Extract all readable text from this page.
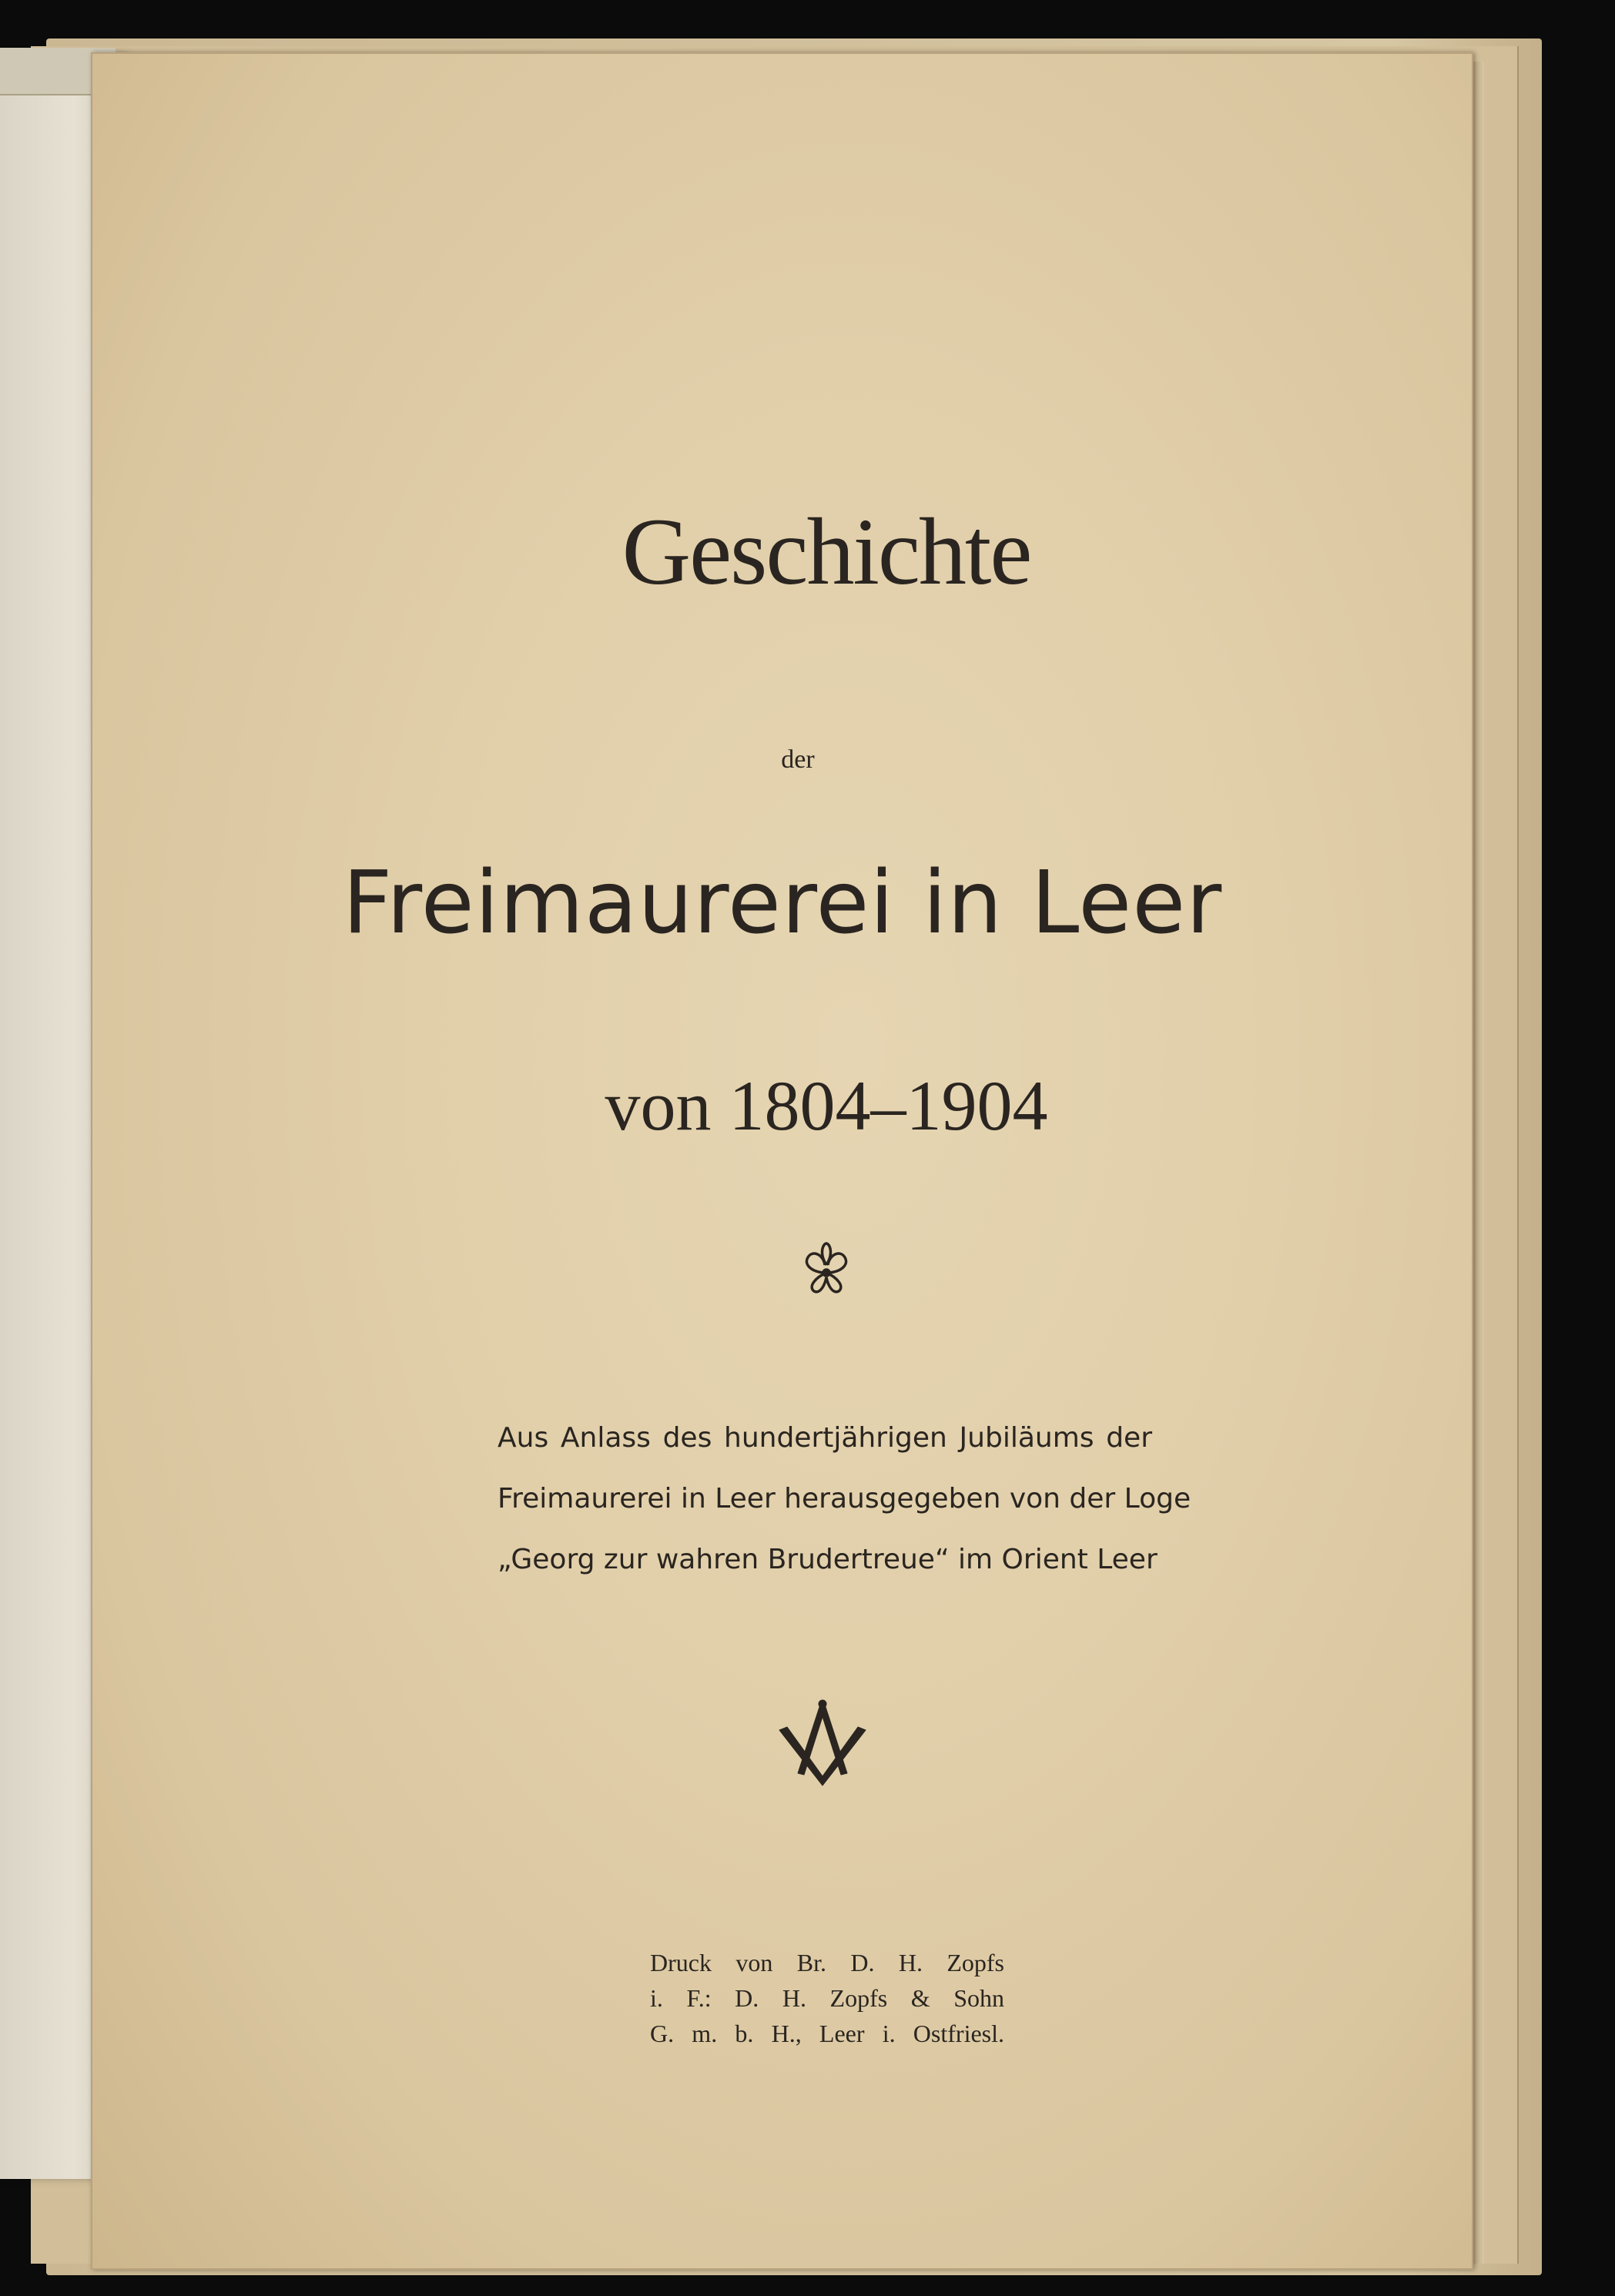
Geschichte
der
Freimaurerei in Leer
von 1804–1904
Aus Anlass des hundertjährigen Jubiläums der
Freimaurerei in Leer herausgegeben von der Loge
„Georg zur wahren Brudertreue“ im Orient Leer
Druck von Br. D. H. Zopfs
i. F.: D. H. Zopfs & Sohn
G. m. b. H., Leer i. Ostfriesl.
